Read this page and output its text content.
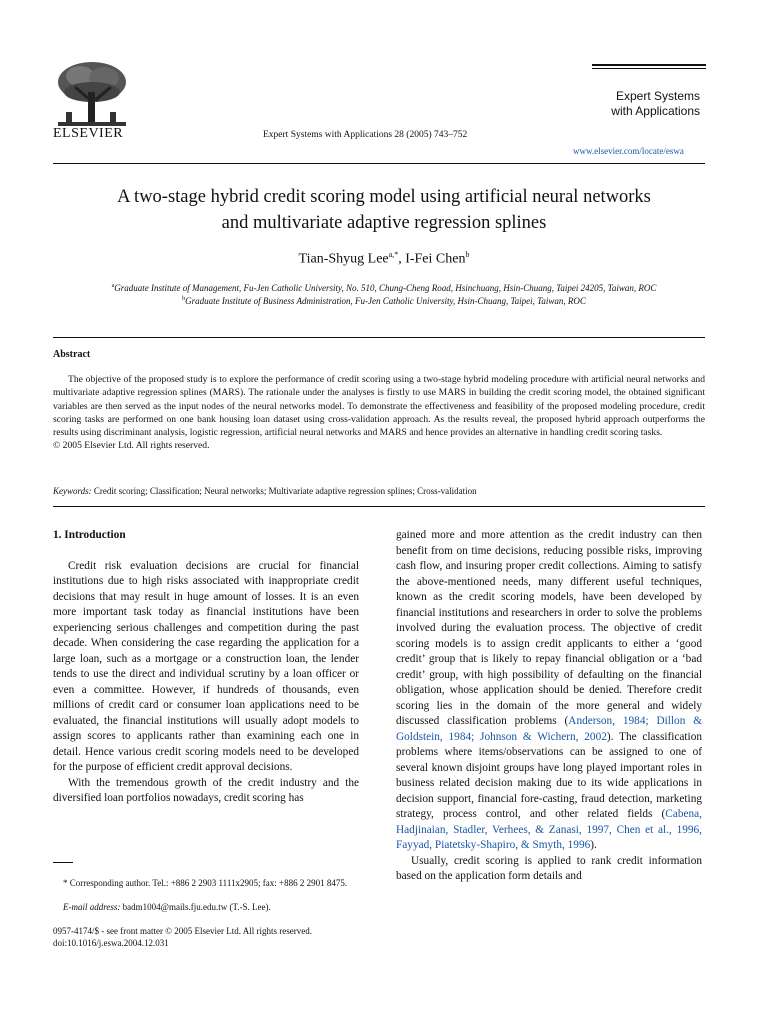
ELSEVIER	Expert Systems with Applications 28 (2005) 743–752
Expert Systems
with Applications
www.elsevier.com/locate/eswa
A two-stage hybrid credit scoring model using artificial neural networks
and multivariate adaptive regression splines
Tian-Shyug Lee$^{a,*}$, I-Fei Chen$^b$
$^a$Graduate Institute of Management, Fu-Jen Catholic University, No. 510, Chung-Cheng Road, Hsinchuang, Hsin-Chuang, Taipei 24205, Taiwan, ROC
$^b$Graduate Institute of Business Administration, Fu-Jen Catholic University, Hsin-Chuang, Taipei, Taiwan, ROC
Abstract
The objective of the proposed study is to explore the performance of credit scoring using a two-stage hybrid modeling procedure with artificial neural networks and multivariate adaptive regression splines (MARS). The rationale under the analyses is firstly to use MARS in building the credit scoring model, the obtained significant variables are then served as the input nodes of the neural networks model. To demonstrate the effectiveness and feasibility of the proposed modeling procedure, credit scoring tasks are performed on one bank housing loan dataset using cross-validation approach. As the results reveal, the proposed hybrid approach outperforms the results using discriminant analysis, logistic regression, artificial neural networks and MARS and hence provides an alternative in handling credit scoring tasks.
© 2005 Elsevier Ltd. All rights reserved.
Keywords: Credit scoring; Classification; Neural networks; Multivariate adaptive regression splines; Cross-validation
1. Introduction

Credit risk evaluation decisions are crucial for financial institutions due to high risks associated with inappropriate credit decisions that may result in huge amount of losses. It is an even more important task today as financial institutions have been experiencing serious challenges and competition during the past decade. When considering the case regarding the application for a large loan, such as a mortgage or a construction loan, the lender tends to use the direct and individual scrutiny by a loan officer or even a committee. However, if hundreds of thousands, even millions of credit card or consumer loan applications need to be evaluated, the financial institutions will usually adopt models to assign scores to applicants rather than examining each one in detail. Hence various credit scoring models need to be developed for the purpose of efficient credit approval decisions.

With the tremendous growth of the credit industry and the diversified loan portfolios nowadays, credit scoring has

gained more and more attention as the credit industry can then benefit from on time decisions, reducing possible risks, improving cash flow, and insuring proper credit collections. Aiming to satisfy the above-mentioned needs, many different useful techniques, known as the credit scoring models, have been developed by financial institutions and researchers in order to solve the problems involved during the evaluation process. The objective of credit scoring models is to assign credit applicants to either a ‘good credit’ group that is likely to repay financial obligation or a ‘bad credit’ group, with high possibility of defaulting on the financial obligation, whose application should be denied. Therefore credit scoring lies in the domain of the more general and widely discussed classification problems (Anderson, 1984; Dillon & Goldstein, 1984; Johnson & Wichern, 2002). The classification problems where items/observations can be assigned to one of several known disjoint groups have long played important roles in business related decision making due to its wide applications in decision support, financial fore-casting, fraud detection, marketing strategy, process control, and other related fields (Cabena, Hadjinaian, Stadler, Verhees, & Zanasi, 1997, Chen et al., 1996, Fayyad, Piatetsky-Shapiro, & Smyth, 1996).

Usually, credit scoring is applied to rank credit information based on the application form details and

* Corresponding author. Tel.: +886 2 2903 1111x2905; fax: +886 2 2901 8475.
E-mail address: badm1004@mails.fju.edu.tw (T.-S. Lee).
0957-4174/$ - see front matter © 2005 Elsevier Ltd. All rights reserved.
doi:10.1016/j.eswa.2004.12.031
